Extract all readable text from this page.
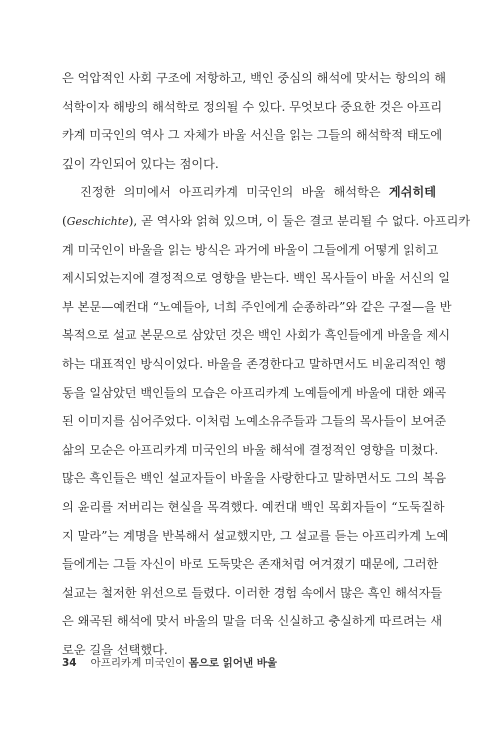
은 억압적인 사회 구조에 저항하고, 백인 중심의 해석에 맞서는 항의의 해
석학이자 해방의 해석학로 정의될 수 있다. 무엇보다 중요한 것은 아프리
카계 미국인의 역사 그 자체가 바울 서신을 읽는 그들의 해석학적 태도에
깊이 각인되어 있다는 점이다.
진정한 의미에서 아프리카계 미국인의 바울 해석학은 게쉬히테
(Geschichte), 곧 역사와 얽혀 있으며, 이 둘은 결코 분리될 수 없다. 아프리카
계 미국인이 바울을 읽는 방식은 과거에 바울이 그들에게 어떻게 읽히고
제시되었는지에 결정적으로 영향을 받는다. 백인 목사들이 바울 서신의 일
부 본문—예컨대 “노예들아, 너희 주인에게 순종하라”와 같은 구절—을 반
복적으로 설교 본문으로 삼았던 것은 백인 사회가 흑인들에게 바울을 제시
하는 대표적인 방식이었다. 바울을 존경한다고 말하면서도 비윤리적인 행
동을 일삼았던 백인들의 모습은 아프리카계 노예들에게 바울에 대한 왜곡
된 이미지를 심어주었다. 이처럼 노예소유주들과 그들의 목사들이 보여준
삶의 모순은 아프리카계 미국인의 바울 해석에 결정적인 영향을 미쳤다.
많은 흑인들은 백인 설교자들이 바울을 사랑한다고 말하면서도 그의 복음
의 윤리를 저버리는 현실을 목격했다. 예컨대 백인 목회자들이 “도둑질하
지 말라”는 계명을 반복해서 설교했지만, 그 설교를 듣는 아프리카계 노예
들에게는 그들 자신이 바로 도둑맞은 존재처럼 여겨졌기 때문에, 그러한
설교는 철저한 위선으로 들렸다. 이러한 경험 속에서 많은 흑인 해석자들
은 왜곡된 해석에 맞서 바울의 말을 더욱 신실하고 충실하게 따르려는 새
로운 길을 선택했다.
34 아프리카계 미국인이 몸으로 읽어낸 바울
